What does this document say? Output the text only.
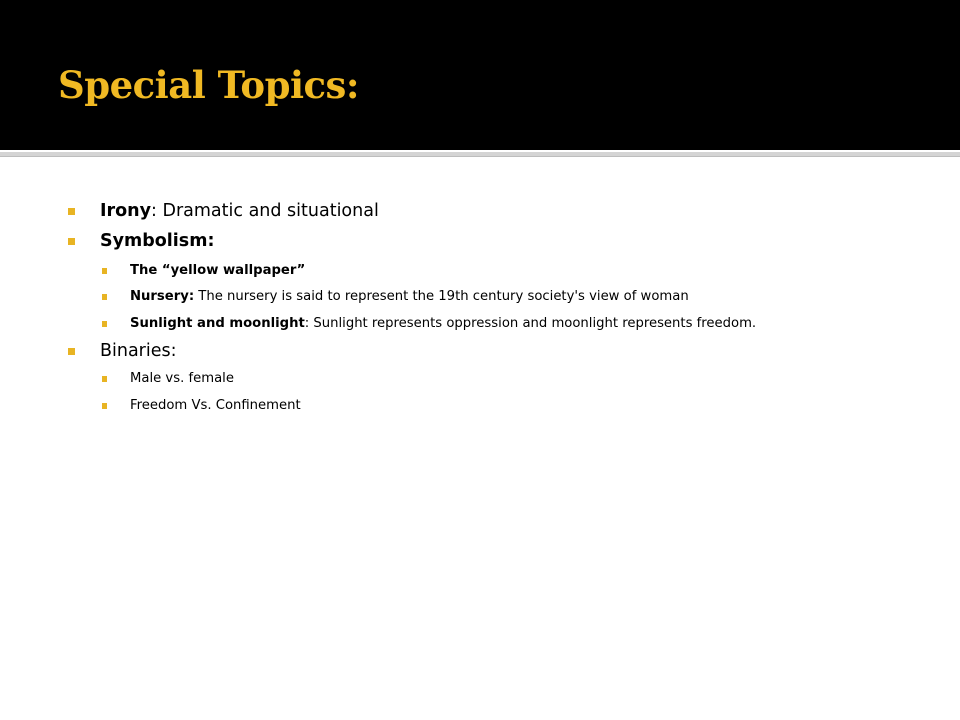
Special Topics:
Irony: Dramatic and situational
Symbolism:
The “yellow wallpaper”
Nursery: The nursery is said to represent the 19th century society's view of woman
Sunlight and moonlight: Sunlight represents oppression and moonlight represents freedom.
Binaries:
Male vs. female
Freedom Vs. Confinement
